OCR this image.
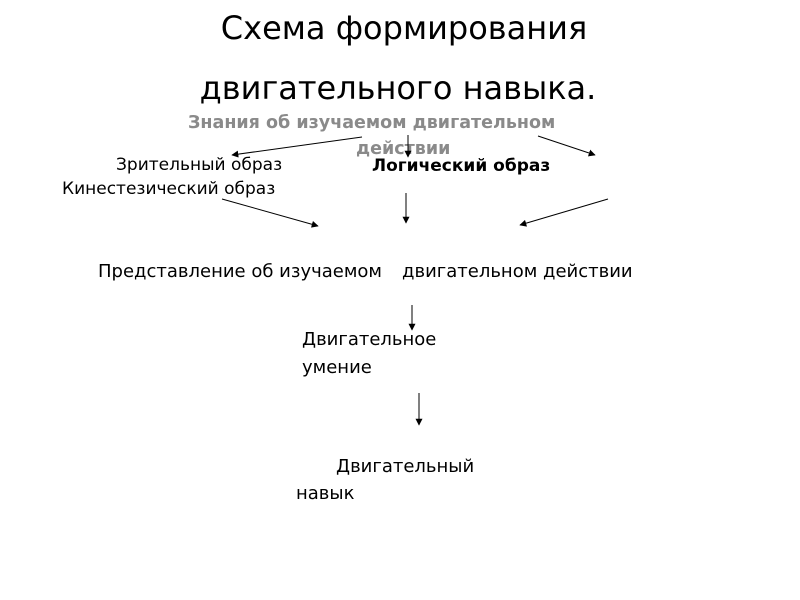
Схема формирования
двигательного навыка.
Знания об изучаемом двигательном
действии
Зрительный образ
Кинестезический образ
Логический образ
Представление об изучаемом двигательном действии
Двигательное
умение
Двигательный
навык
